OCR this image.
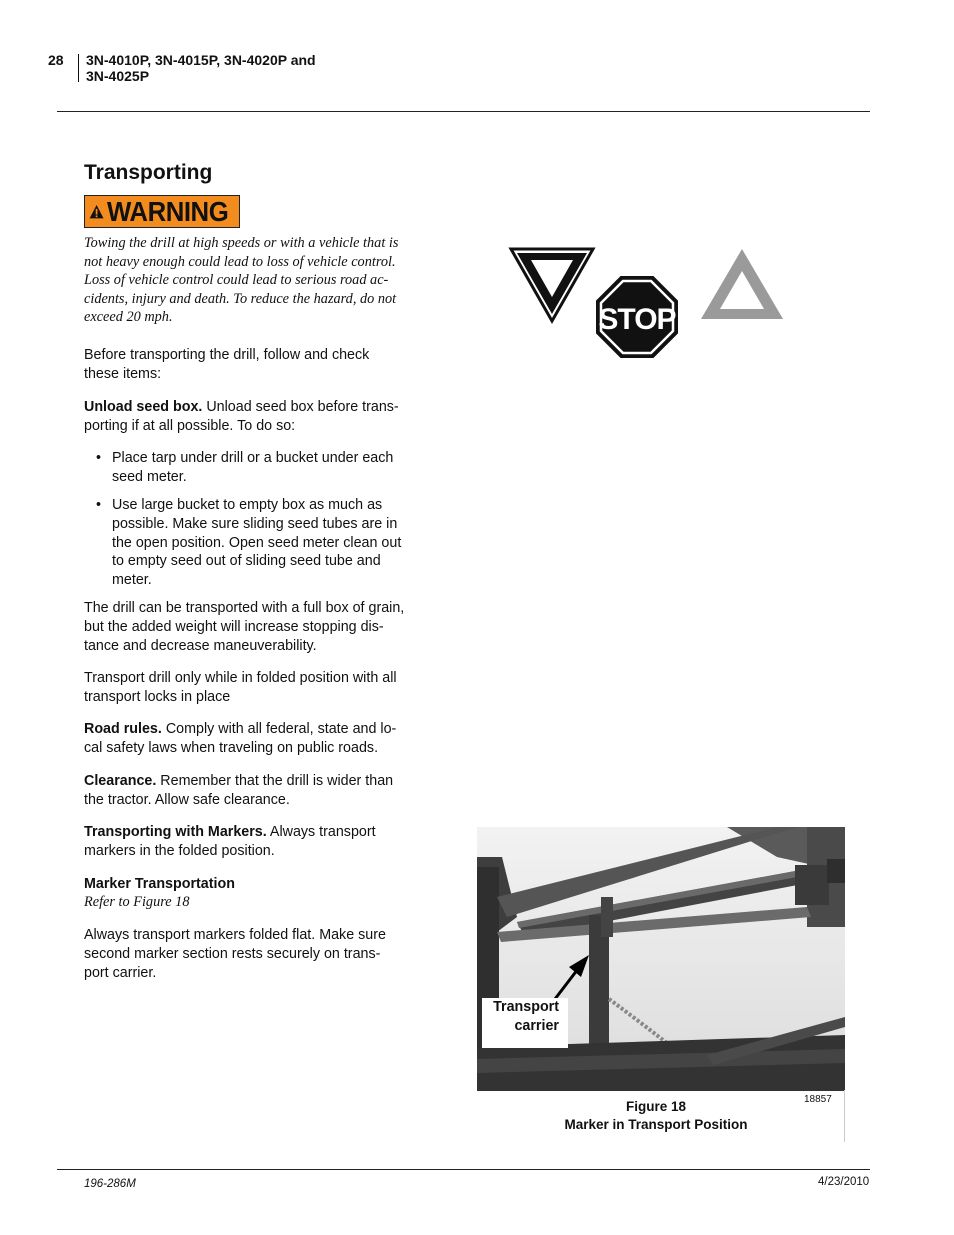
28 3N-4010P, 3N-4015P, 3N-4020P and
3N-4025P
Transporting
WARNING
Towing the drill at high speeds or with a vehicle that is
not heavy enough could lead to loss of vehicle control.
Loss of vehicle control could lead to serious road ac-
cidents, injury and death. To reduce the hazard, do not
exceed 20 mph.
Before transporting the drill, follow and check
these items:
Unload seed box. Unload seed box before trans-
porting if at all possible. To do so:
• Place tarp under drill or a bucket under each
seed meter.
• Use large bucket to empty box as much as
possible. Make sure sliding seed tubes are in
the open position. Open seed meter clean out
to empty seed out of sliding seed tube and
meter.
The drill can be transported with a full box of grain,
but the added weight will increase stopping dis-
tance and decrease maneuverability.
Transport drill only while in folded position with all
transport locks in place
Road rules. Comply with all federal, state and lo-
cal safety laws when traveling on public roads.
Clearance. Remember that the drill is wider than
the tractor. Allow safe clearance.
Transporting with Markers. Always transport
markers in the folded position.
Marker Transportation
Refer to Figure 18
Always transport markers folded flat. Make sure
second marker section rests securely on trans-
port carrier.
STOP
Transport
carrier
18857
Figure 18
Marker in Transport Position
196-286M	4/23/2010
